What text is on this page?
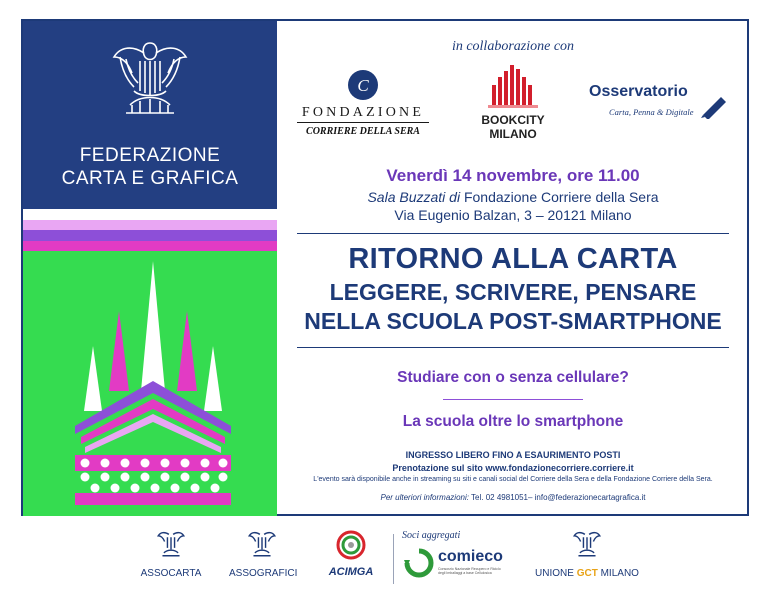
FEDERAZIONE
CARTA E GRAFICA
in collaborazione con
C
FONDAZIONE
CORRIERE DELLA SERA
BOOKCITY
MILANO
Osservatorio
Carta, Penna & Digitale
Venerdì 14 novembre, ore 11.00
Sala Buzzati di Fondazione Corriere della Sera
Via Eugenio Balzan, 3 – 20121 Milano
RITORNO ALLA CARTA
LEGGERE, SCRIVERE, PENSARE
NELLA SCUOLA POST-SMARTPHONE
Studiare con o senza cellulare?
La scuola oltre lo smartphone
INGRESSO LIBERO FINO A ESAURIMENTO POSTI
Prenotazione sul sito www.fondazionecorriere.corriere.it
L'evento sarà disponibile anche in streaming su siti e canali social del Corriere della Sera e della Fondazione Corriere della Sera.
Per ulteriori informazioni: Tel. 02 4981051– info@federazionecartagrafica.it
ASSOCARTA	ASSOGRAFICI	ACIMGA
Soci aggregati
comieco
Consorzio Nazionale Recupero e Riciclo degli Imballaggi a base Cellulosica	UNIONE GCT MILANO
